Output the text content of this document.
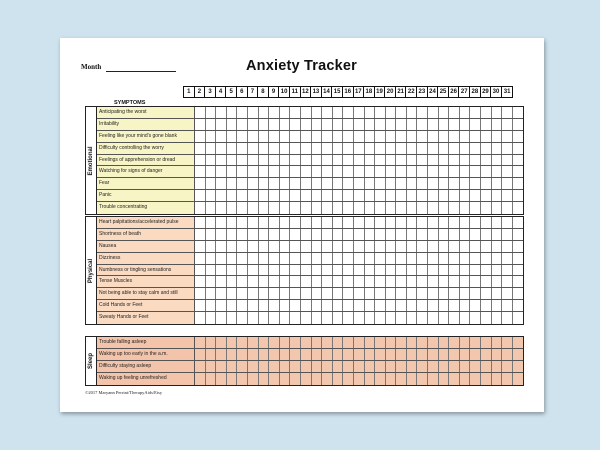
Month	Anxiety Tracker
SYMPTOMS
1	2	3	4	5	6	7	8	9 10 11 12 13 14 15 16 17 18 19 20 21 22 23 24 25 26 27 28 29 30 31
Emotional
Anticipating the worst
Irritability
Feeling like your mind's gone blank
Difficulty controlling the worry
Feelings of apprehension or dread
Watching for signs of danger
Fear
Panic
Trouble concentrating
Physical
Heart palpitations/accelerated pulse
Shortness of beath
Nausea
Dizziness
Numbness or tingling sensations
Tense Muscles
Not being able to stay calm and still
Cold Hands or Feet
Sweaty Hands or Feet
Sleep
Trouble falling asleep
Waking up too early in the a.m.
Difficulty staying asleep
Waking up feeling unrefreshed
©2017 Maryann Perrini/TherapyAids/Etsy
